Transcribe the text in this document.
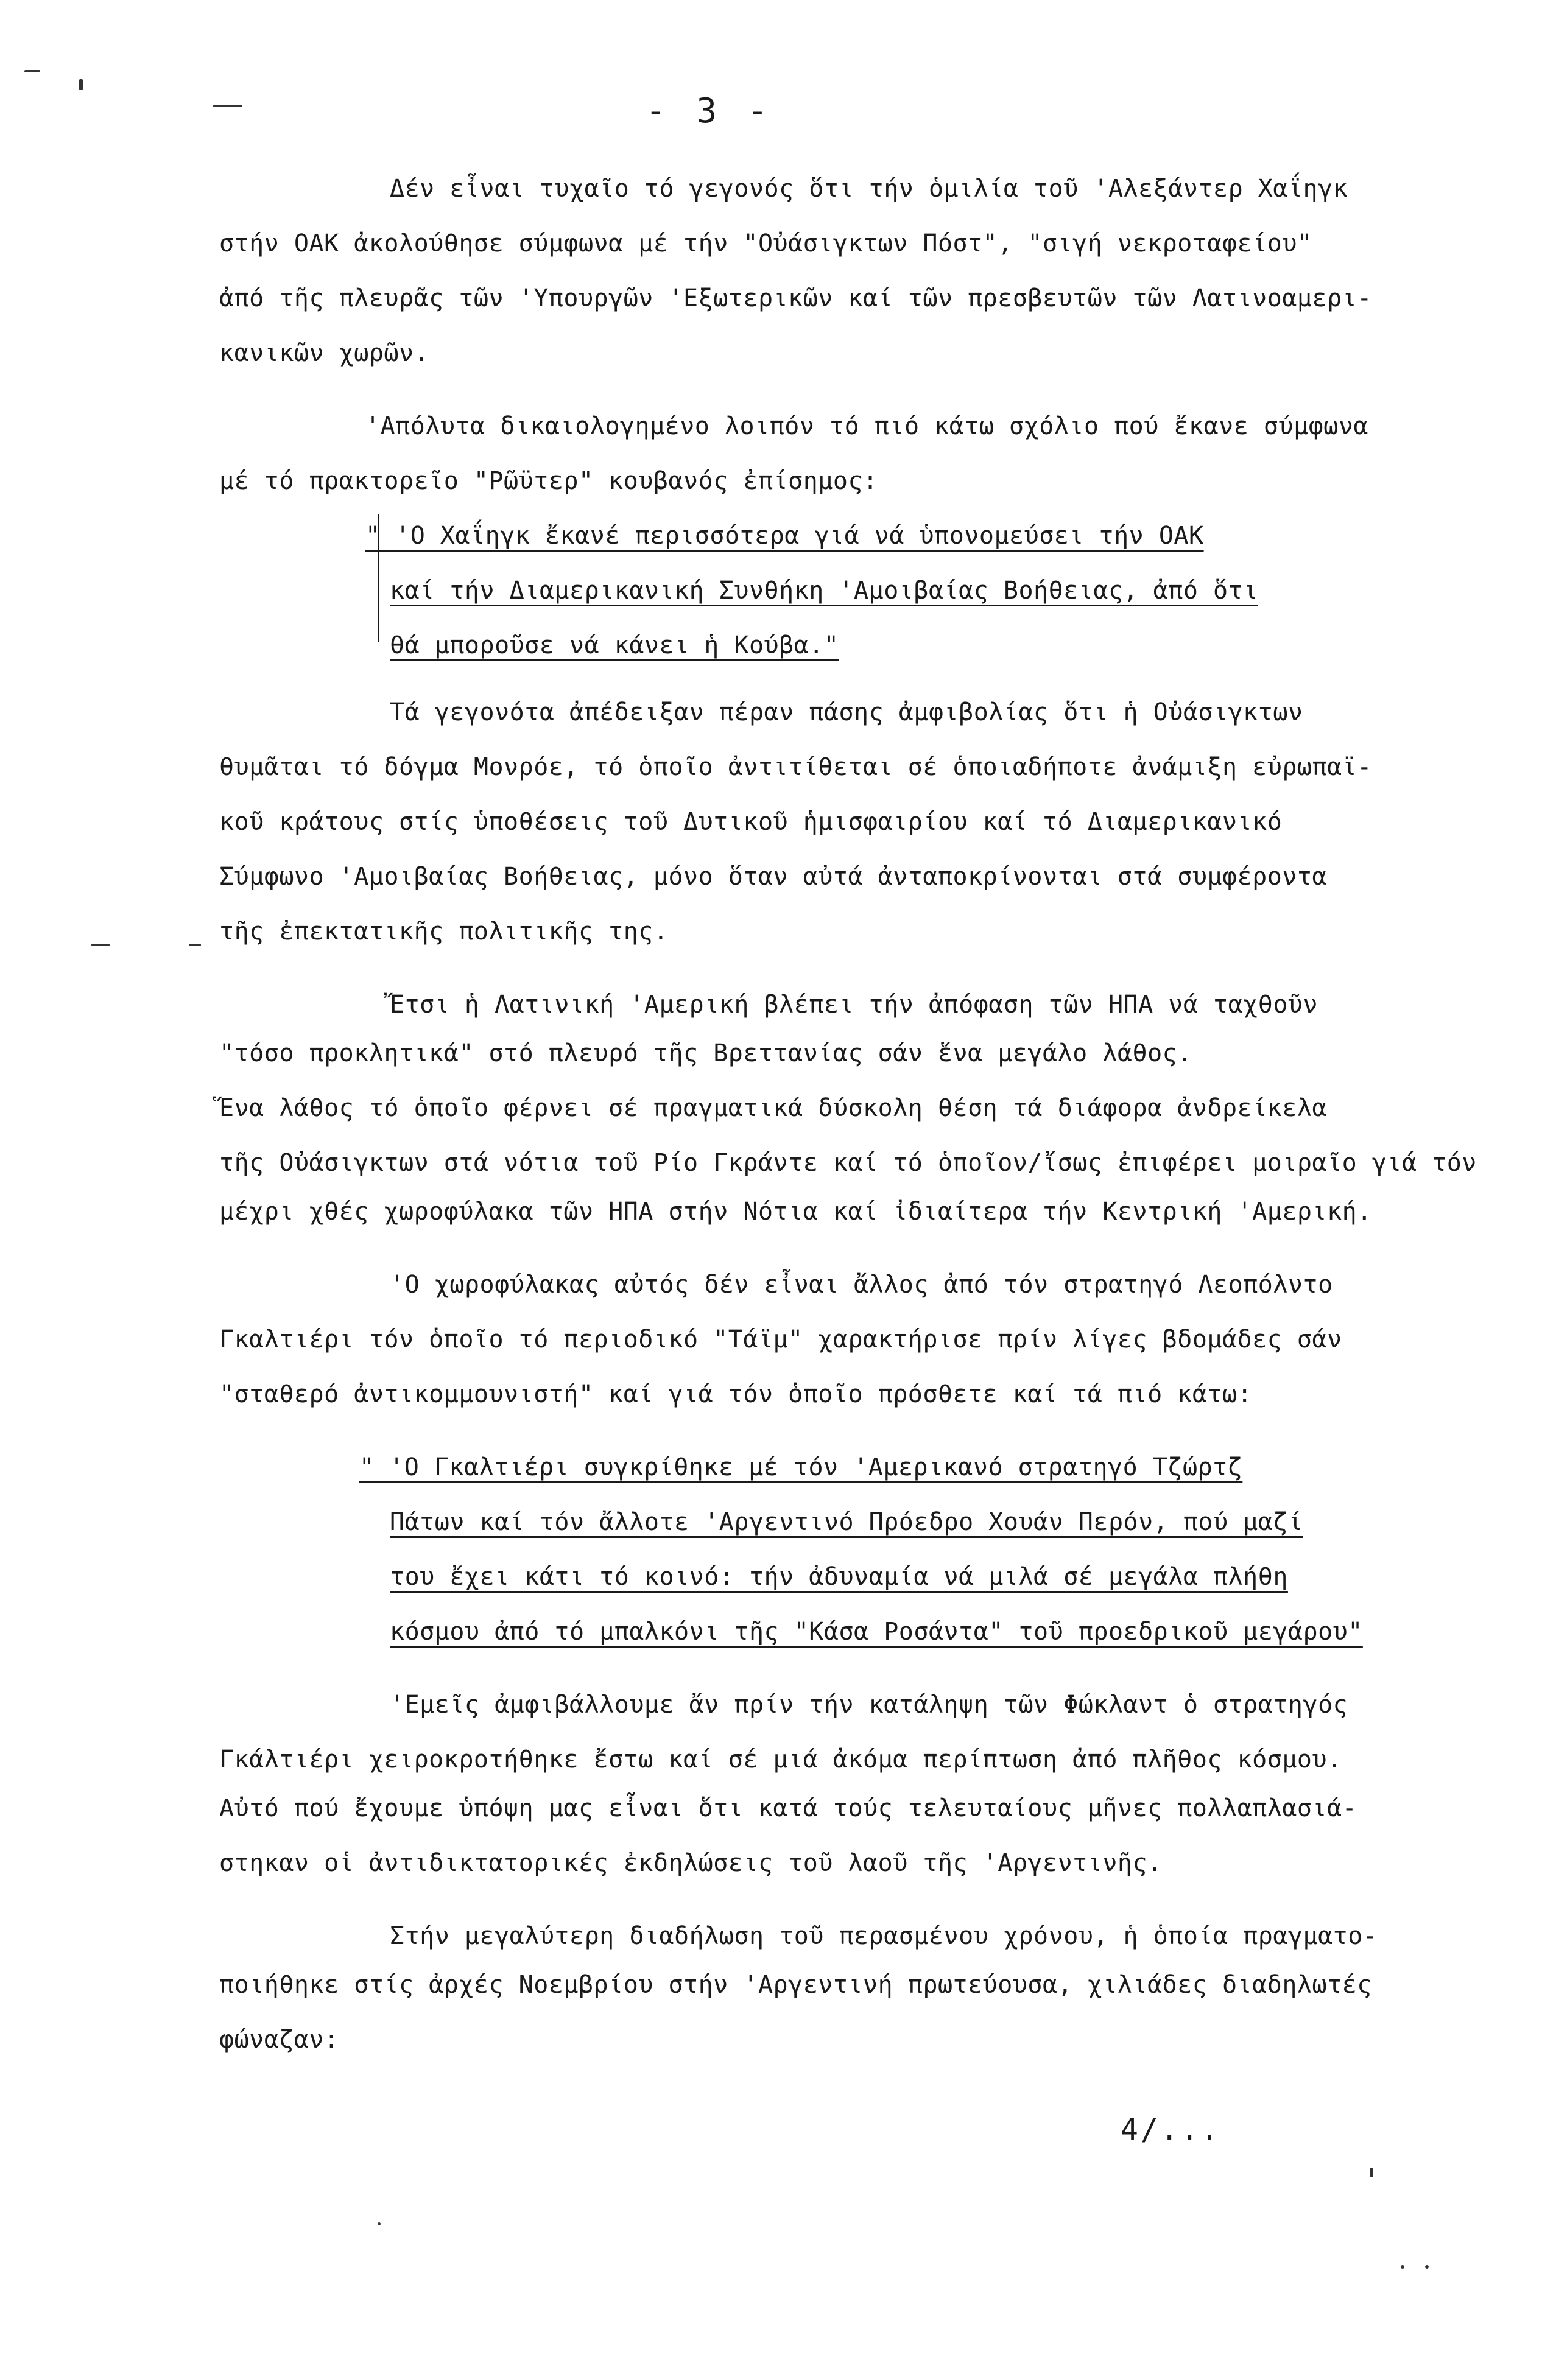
- 3 -
Δέν εἶναι τυχαῖο τό γεγονός ὅτι τήν ὁμιλία τοῦ 'Αλεξάντερ Χαΐηγκ
στήν ΟΑΚ ἀκολούθησε σύμφωνα μέ τήν "Οὐάσιγκτων Πόστ", "σιγή νεκροταφείου"
ἀπό τῆς πλευρᾶς τῶν 'Υπουργῶν 'Εξωτερικῶν καί τῶν πρεσβευτῶν τῶν Λατινοαμερι-
κανικῶν χωρῶν.
'Απόλυτα δικαιολογημένο λοιπόν τό πιό κάτω σχόλιο πού ἔκανε σύμφωνα
μέ τό πρακτορεῖο "Ρῶϋτερ" κουβανός ἐπίσημος:
" 'Ο Χαΐηγκ ἔκανέ περισσότερα γιά νά ὑπονομεύσει τήν ΟΑΚ
καί τήν Διαμερικανική Συνθήκη 'Αμοιβαίας Βοήθειας, ἀπό ὅτι
θά μποροῦσε νά κάνει ἡ Κούβα."
Τά γεγονότα ἀπέδειξαν πέραν πάσης ἀμφιβολίας ὅτι ἡ Οὐάσιγκτων
θυμᾶται τό δόγμα Μονρόε, τό ὁποῖο ἀντιτίθεται σέ ὁποιαδήποτε ἀνάμιξη εὐρωπαϊ-
κοῦ κράτους στίς ὑποθέσεις τοῦ Δυτικοῦ ἡμισφαιρίου καί τό Διαμερικανικό
Σύμφωνο 'Αμοιβαίας Βοήθειας, μόνο ὅταν αὐτά ἀνταποκρίνονται στά συμφέροντα
τῆς ἐπεκτατικῆς πολιτικῆς της.
Ἔτσι ἡ Λατινική 'Αμερική βλέπει τήν ἀπόφαση τῶν ΗΠΑ νά ταχθοῦν
"τόσο προκλητικά" στό πλευρό τῆς Βρεττανίας σάν ἕνα μεγάλο λάθος.
Ἕνα λάθος τό ὁποῖο φέρνει σέ πραγματικά δύσκολη θέση τά διάφορα ἀνδρείκελα
τῆς Οὐάσιγκτων στά νότια τοῦ Ρίο Γκράντε καί τό ὁποῖον/ἴσως ἐπιφέρει μοιραῖο γιά τόν
μέχρι χθές χωροφύλακα τῶν ΗΠΑ στήν Νότια καί ἰδιαίτερα τήν Κεντρική 'Αμερική.
'Ο χωροφύλακας αὐτός δέν εἶναι ἄλλος ἀπό τόν στρατηγό Λεοπόλντο
Γκαλτιέρι τόν ὁποῖο τό περιοδικό "Τάϊμ" χαρακτήρισε πρίν λίγες βδομάδες σάν
"σταθερό ἀντικομμουνιστή" καί γιά τόν ὁποῖο πρόσθετε καί τά πιό κάτω:
" 'Ο Γκαλτιέρι συγκρίθηκε μέ τόν 'Αμερικανό στρατηγό Τζώρτζ
Πάτων καί τόν ἄλλοτε 'Αργεντινό Πρόεδρο Χουάν Περόν, πού μαζί
του ἔχει κάτι τό κοινό: τήν ἀδυναμία νά μιλά σέ μεγάλα πλήθη
κόσμου ἀπό τό μπαλκόνι τῆς "Κάσα Ροσάντα" τοῦ προεδρικοῦ μεγάρου"
'Εμεῖς ἀμφιβάλλουμε ἄν πρίν τήν κατάληψη τῶν Φώκλαντ ὁ στρατηγός
Γκάλτιέρι χειροκροτήθηκε ἔστω καί σέ μιά ἀκόμα περίπτωση ἀπό πλῆθος κόσμου.
Αὐτό πού ἔχουμε ὑπόψη μας εἶναι ὅτι κατά τούς τελευταίους μῆνες πολλαπλασιά-
στηκαν οἱ ἀντιδικτατορικές ἐκδηλώσεις τοῦ λαοῦ τῆς 'Αργεντινῆς.
Στήν μεγαλύτερη διαδήλωση τοῦ περασμένου χρόνου, ἡ ὁποία πραγματο-
ποιήθηκε στίς ἀρχές Νοεμβρίου στήν 'Αργεντινή πρωτεύουσα, χιλιάδες διαδηλωτές
φώναζαν:
4/...
